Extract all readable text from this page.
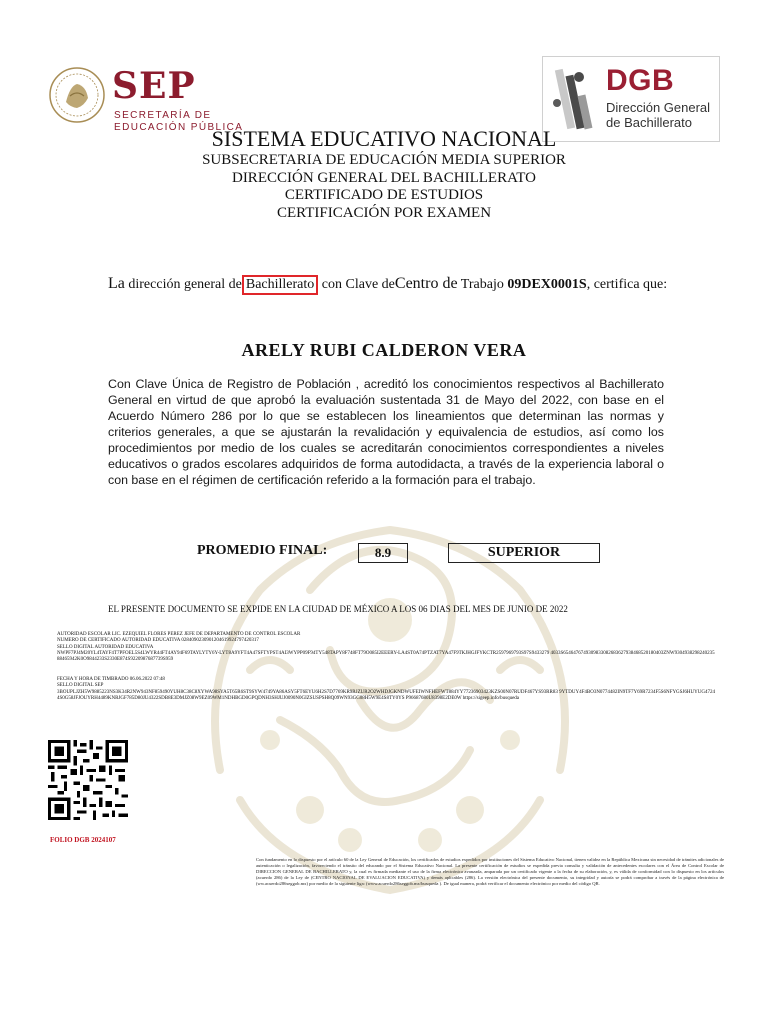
SEP
SECRETARÍA DE
EDUCACIÓN PÚBLICA
DGB
Dirección General
de Bachillerato
SISTEMA EDUCATIVO NACIONAL
SUBSECRETARIA DE EDUCACIÓN MEDIA SUPERIOR
DIRECCIÓN GENERAL DEL BACHILLERATO
CERTIFICADO DE ESTUDIOS
CERTIFICACIÓN POR EXAMEN
La dirección general de Bachillerato con Clave deCentro de Trabajo 09DEX0001S, certifica que:
ARELY RUBI CALDERON VERA
Con Clave Única de Registro de Población , acreditó los conocimientos respectivos al Bachillerato General en virtud de que aprobó la evaluación sustentada 31 de Mayo del 2022, con base en el Acuerdo Número 286 por lo que se establecen los lineamientos que determinan las normas y criterios generales, a que se ajustarán la revalidación y equivalencia de estudios, así como los procedimientos por medio de los cuales se acreditarán conocimientos correspondientes a niveles educativos o grados escolares adquiridos de forma autodidacta, a través de la experiencia laboral o con base en el régimen de certificación referido a la formación para el trabajo.
PROMEDIO FINAL:	8.9	SUPERIOR
EL PRESENTE DOCUMENTO SE EXPIDE EN LA CIUDAD DE MÉXICO A LOS 06 DIAS DEL MES DE JUNIO DE 2022
AUTORIDAD ESCOLAR LIC. EZEQUIEL FLORES PEREZ JEFE DE DEPARTAMENTO DE CONTROL ESCOLAR
NUMERO DE CERTIFICADO AUTORIDAD EDUCATIVA 0284090230901204619924797420317
SELLO DIGITAL AUTORIDAD EDUCATIVA
NWPF7PJ4M20YL4TAYF4T7PFOEL5S4LWYR44FT4AY94F69TAYLYTY6Y-LYT8A9YFT4A47SFTYPST4AI3WYPP09F94TY548TAPY8F748FT79O085I2EEERY-LA4ST0A74PTZAT7YA47F9TKJHGJFYKCTR2597969793S97S9433279 4033S6546476749309833082683627938468520180403ZNW930493829824023588465942K0O9844233S2330E874S9220987687739S959
FECHA Y HORA DE TIMBRADO 06.06.2022 07:48
SELLO DIGITAL SEP
3BOUPLJZH5W9885223NS3K34R2NW943NF859490YUH8C38C8XYWA98SYA5T65R6ST9SYW4749YA86ASY5FT6EYU6H2S7D7769KR9RJZUR2O2WHDJGKNDWUFEIWNFHEFWT884YY77236903423KZS00N07RUDF467YS93RR83 9YTDUY4F4BO3N0774482IN9TF7Y69R7234F5S6NFYGSJ6HUYUG47244S0G58JFJOUYRH4489KNRJGF785D80JU4322SDB8E3DMJZ08W9EZ09WM1NDHBGD0GPQDNH3SHJUJ0090N0GIZSUSPSH8Q09WN93GG08H5W9E4S8TY0YS P96687680U8398E2DE0W https://sigeep.info/busqueda
FOLIO DGB 2024107
Con fundamento en lo dispuesto por el artículo 60 de la Ley General de Educación, los certificados de estudios expedidos por instituciones del Sistema Educativo Nacional, tienen validez en la República Mexicana sin necesidad de trámites adicionales de autenticación o legalización, favoreciendo el tránsito del educando por el Sistema Educativo Nacional. La presente certificación de estudios se expedida previa consulta y validación de antecedentes escolares con el Área de Control Escolar de DIRECCION GENERAL DE BACHILLERATO y, la cual es firmada mediante el uso de la firma electrónica avanzada, amparada por un certificado vigente a la fecha de su elaboración, y, es válida de conformidad con lo dispuesto en los artículos (acuerdo 286) de la Ley de (CENTRO NACIONAL DE EVALUACION EDUCATIVA) y demás aplicables (286). La versión electrónica del presente documento, su integridad y autoría se podrá comprobar a través de la página electrónica de (ww.acuerdo286seggob.mx) por medio de la siguiente liga: (www.acuerdo286seggob.mx/busqueda ). De igual manera, podrá verificar el documento electrónico por medio del código QR.
